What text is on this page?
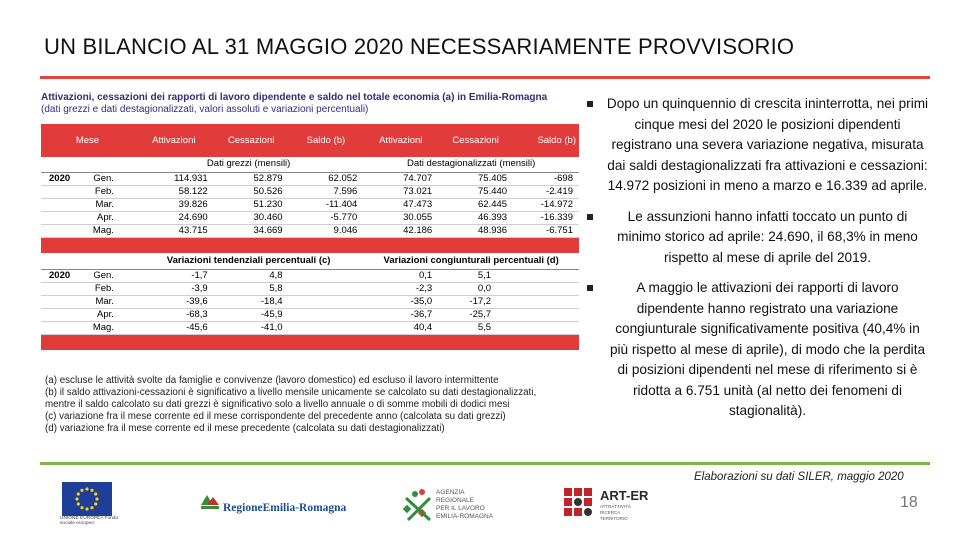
UN BILANCIO AL 31 MAGGIO 2020 NECESSARIAMENTE PROVVISORIO
Attivazioni, cessazioni dei rapporti di lavoro dipendente e saldo nel totale economia (a) in Emilia-Romagna
(dati grezzi e dati destagionalizzati, valori assoluti e variazioni percentuali)
Mese		Attivazioni	Cessazioni	Saldo (b)	Attivazioni	Cessazioni	Saldo (b)
		Dati grezzi (mensili)			Dati destagionalizzati (mensili)		
2020	Gen.	114.931	52.879	62.052	74.707	75.405	-698
	Feb.	58.122	50.526	7.596	73.021	75.440	-2.419
	Mar.	39.826	51.230	-11.404	47.473	62.445	-14.972
	Apr.	24.690	30.460	-5.770	30.055	46.393	-16.339
	Mag.	43.715	34.669	9.046	42.186	48.936	-6.751

		Variazioni tendenziali percentuali (c)			Variazioni congiunturali percentuali (d)		
2020	Gen.	-1,7	4,8		0,1	5,1	
	Feb.	-3,9	5,8		-2,3	0,0	
	Mar.	-39,6	-18,4		-35,0	-17,2	
	Apr.	-68,3	-45,9		-36,7	-25,7	
	Mag.	-45,6	-41,0		40,4	5,5	

(a) escluse le attività svolte da famiglie e convivenze (lavoro domestico) ed escluso il lavoro intermittente
(b) il saldo attivazioni-cessazioni è significativo a livello mensile unicamente se calcolato su dati destagionalizzati,
mentre il saldo calcolato su dati grezzi è significativo solo a livello annuale o di somme mobili di dodici mesi
(c) variazione fra il mese corrente ed il mese corrispondente del precedente anno (calcolata su dati grezzi)
(d) variazione fra il mese corrente ed il mese precedente (calcolata su dati destagionalizzati)
Dopo un quinquennio di crescita ininterrotta, nei primi cinque mesi del 2020 le posizioni dipendenti registrano una severa variazione negativa, misurata dai saldi destagionalizzati fra attivazioni e cessazioni: 14.972 posizioni in meno a marzo e 16.339 ad aprile.
Le assunzioni hanno infatti toccato un punto di minimo storico ad aprile: 24.690, il 68,3% in meno rispetto al mese di aprile del 2019.
A maggio le attivazioni dei rapporti di lavoro dipendente hanno registrato una variazione congiunturale significativamente positiva (40,4% in più rispetto al mese di aprile), di modo che la perdita di posizioni dipendenti nel mese di riferimento si è ridotta a 6.751 unità (al netto dei fenomeni di stagionalità).
Elaborazioni su dati SILER, maggio 2020
18
UNIONE EUROPEA Fondo sociale europeo
RegioneEmilia-Romagna
AGENZIA
REGIONALE
PER IL LAVORO
EMILIA-ROMAGNA
ART-ER
ATTRATTIVITÀ
RICERCA
TERRITORIO
